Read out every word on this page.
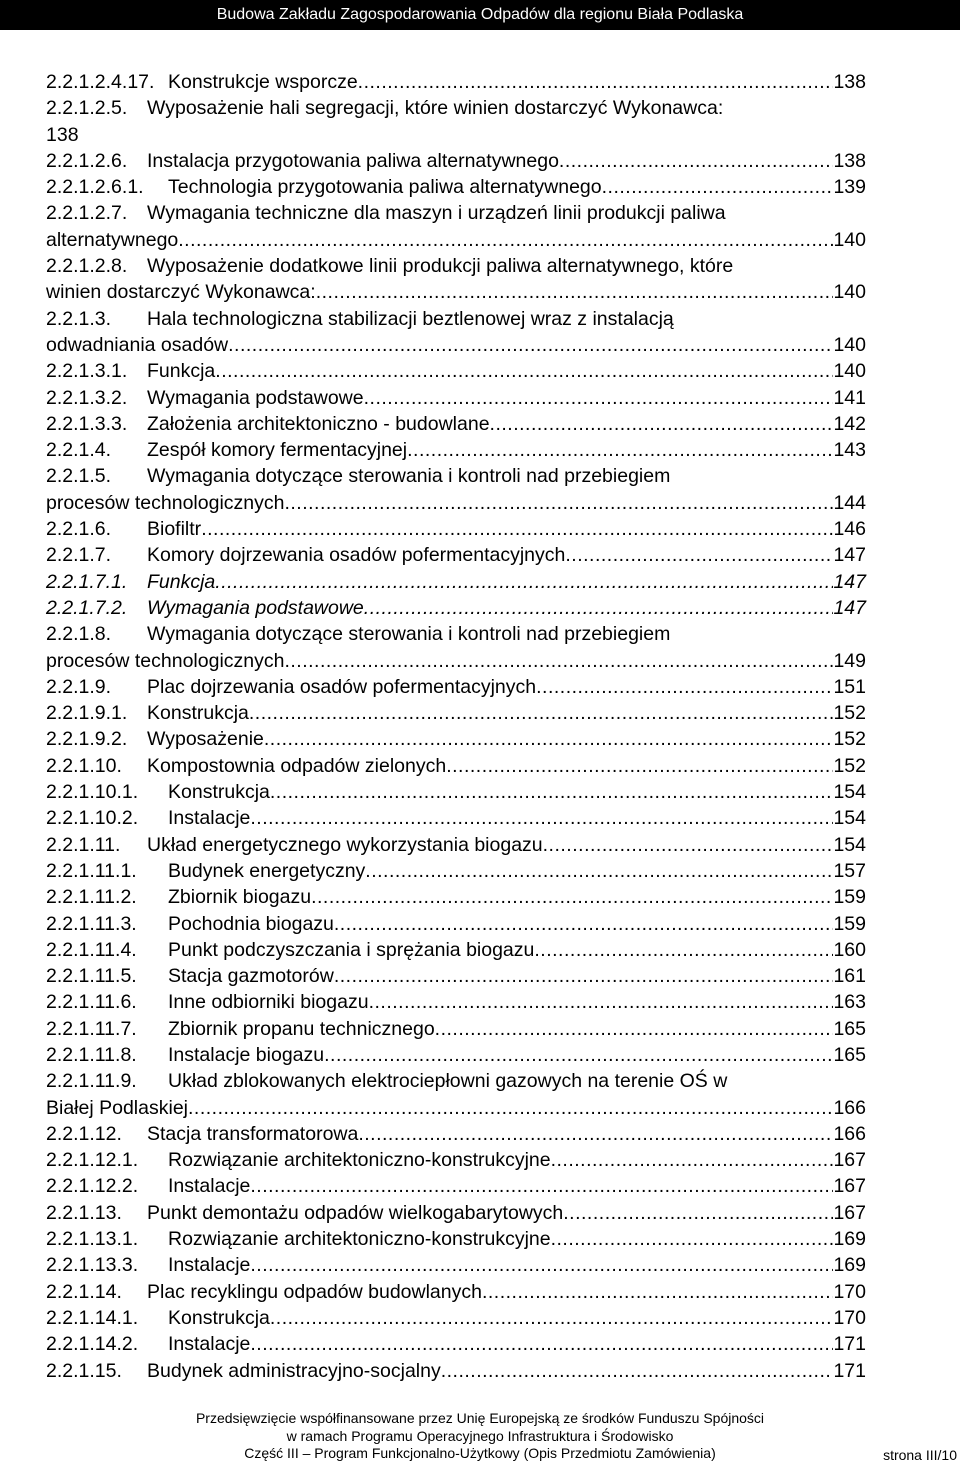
Budowa Zakładu Zagospodarowania Odpadów dla regionu Biała Podlaska
2.2.1.2.4.17. Konstrukcje wsporcze .....	138
2.2.1.2.5.	Wyposażenie hali segregacji, które winien dostarczyć Wykonawca:
138
2.2.1.2.6.	Instalacja przygotowania paliwa alternatywnego .....	138
2.2.1.2.6.1.	Technologia przygotowania paliwa alternatywnego .....	139
2.2.1.2.7.	Wymagania techniczne dla maszyn i urządzeń linii produkcji paliwa
alternatywnego .....	140
2.2.1.2.8.	Wyposażenie dodatkowe linii produkcji paliwa alternatywnego, które
winien dostarczyć Wykonawca: .....	140
2.2.1.3.	Hala technologiczna stabilizacji beztlenowej wraz z instalacją
odwadniania osadów .....	140
2.2.1.3.1.	Funkcja .....	140
2.2.1.3.2.	Wymagania podstawowe .....	141
2.2.1.3.3.	Założenia architektoniczno - budowlane .....	142
2.2.1.4.	Zespół komory fermentacyjnej .....	143
2.2.1.5.	Wymagania dotyczące sterowania i kontroli nad przebiegiem
procesów technologicznych .....	144
2.2.1.6.	Biofiltr .....	146
2.2.1.7.	Komory dojrzewania osadów pofermentacyjnych .....	147
2.2.1.7.1.	Funkcja .....	147
2.2.1.7.2.	Wymagania podstawowe .....	147
2.2.1.8.	Wymagania dotyczące sterowania i kontroli nad przebiegiem
procesów technologicznych .....	149
2.2.1.9.	Plac dojrzewania osadów pofermentacyjnych .....	151
2.2.1.9.1.	Konstrukcja .....	152
2.2.1.9.2.	Wyposażenie .....	152
2.2.1.10.	Kompostownia odpadów zielonych .....	152
2.2.1.10.1.	Konstrukcja .....	154
2.2.1.10.2.	Instalacje .....	154
2.2.1.11.	Układ energetycznego wykorzystania biogazu .....	154
2.2.1.11.1.	Budynek energetyczny .....	157
2.2.1.11.2.	Zbiornik biogazu .....	159
2.2.1.11.3.	Pochodnia biogazu .....	159
2.2.1.11.4.	Punkt podczyszczania i sprężania biogazu .....	160
2.2.1.11.5.	Stacja gazmotorów .....	161
2.2.1.11.6.	Inne odbiorniki biogazu .....	163
2.2.1.11.7.	Zbiornik propanu technicznego .....	165
2.2.1.11.8.	Instalacje biogazu .....	165
2.2.1.11.9.	Układ zblokowanych elektrociepłowni gazowych na terenie OŚ w
Białej Podlaskiej .....	166
2.2.1.12.	Stacja transformatorowa .....	166
2.2.1.12.1.	Rozwiązanie architektoniczno-konstrukcyjne .....	167
2.2.1.12.2.	Instalacje .....	167
2.2.1.13.	Punkt demontażu odpadów wielkogabarytowych .....	167
2.2.1.13.1.	Rozwiązanie architektoniczno-konstrukcyjne .....	169
2.2.1.13.3.	Instalacje .....	169
2.2.1.14.	Plac recyklingu odpadów budowlanych .....	170
2.2.1.14.1.	Konstrukcja .....	170
2.2.1.14.2.	Instalacje .....	171
2.2.1.15.	Budynek administracyjno-socjalny .....	171
Przedsięwzięcie współfinansowane przez Unię Europejską ze środków Funduszu Spójności
w ramach Programu Operacyjnego Infrastruktura i Środowisko
Część III – Program Funkcjonalno-Użytkowy (Opis Przedmiotu Zamówienia)	strona III/10
